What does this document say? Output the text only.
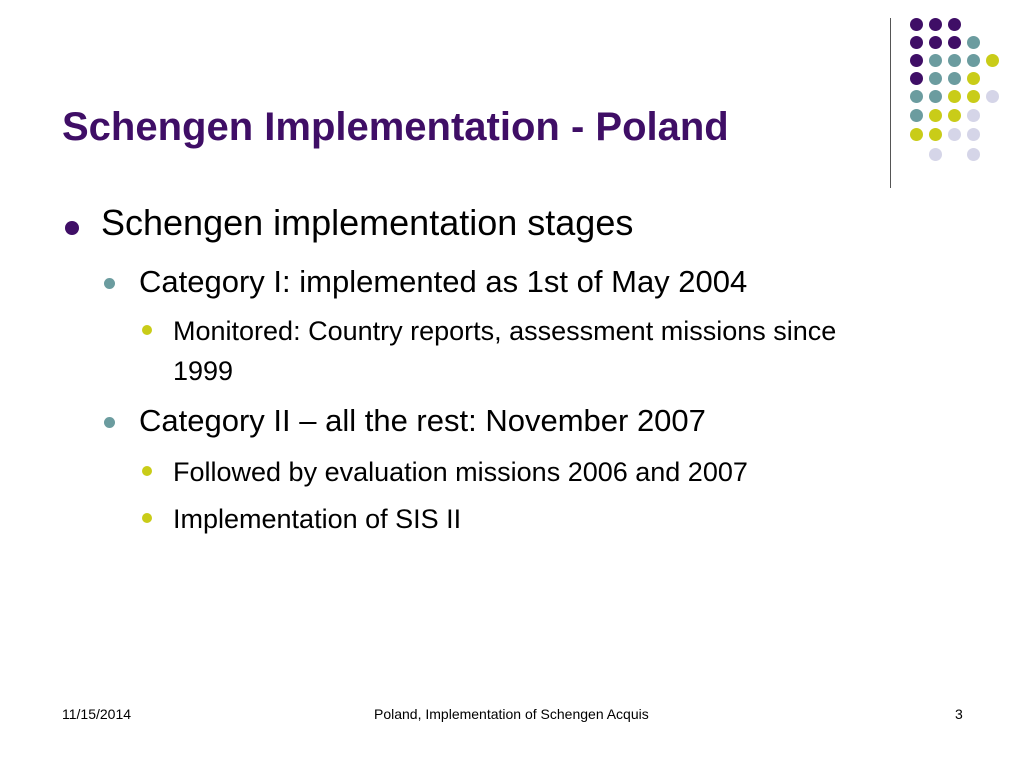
Schengen Implementation - Poland
Schengen implementation stages
Category I: implemented as 1st of May 2004
Monitored: Country reports, assessment missions since 1999
Category II – all the rest: November 2007
Followed by evaluation missions 2006 and 2007
Implementation of SIS II
11/15/2014	Poland, Implementation of Schengen Acquis	3
